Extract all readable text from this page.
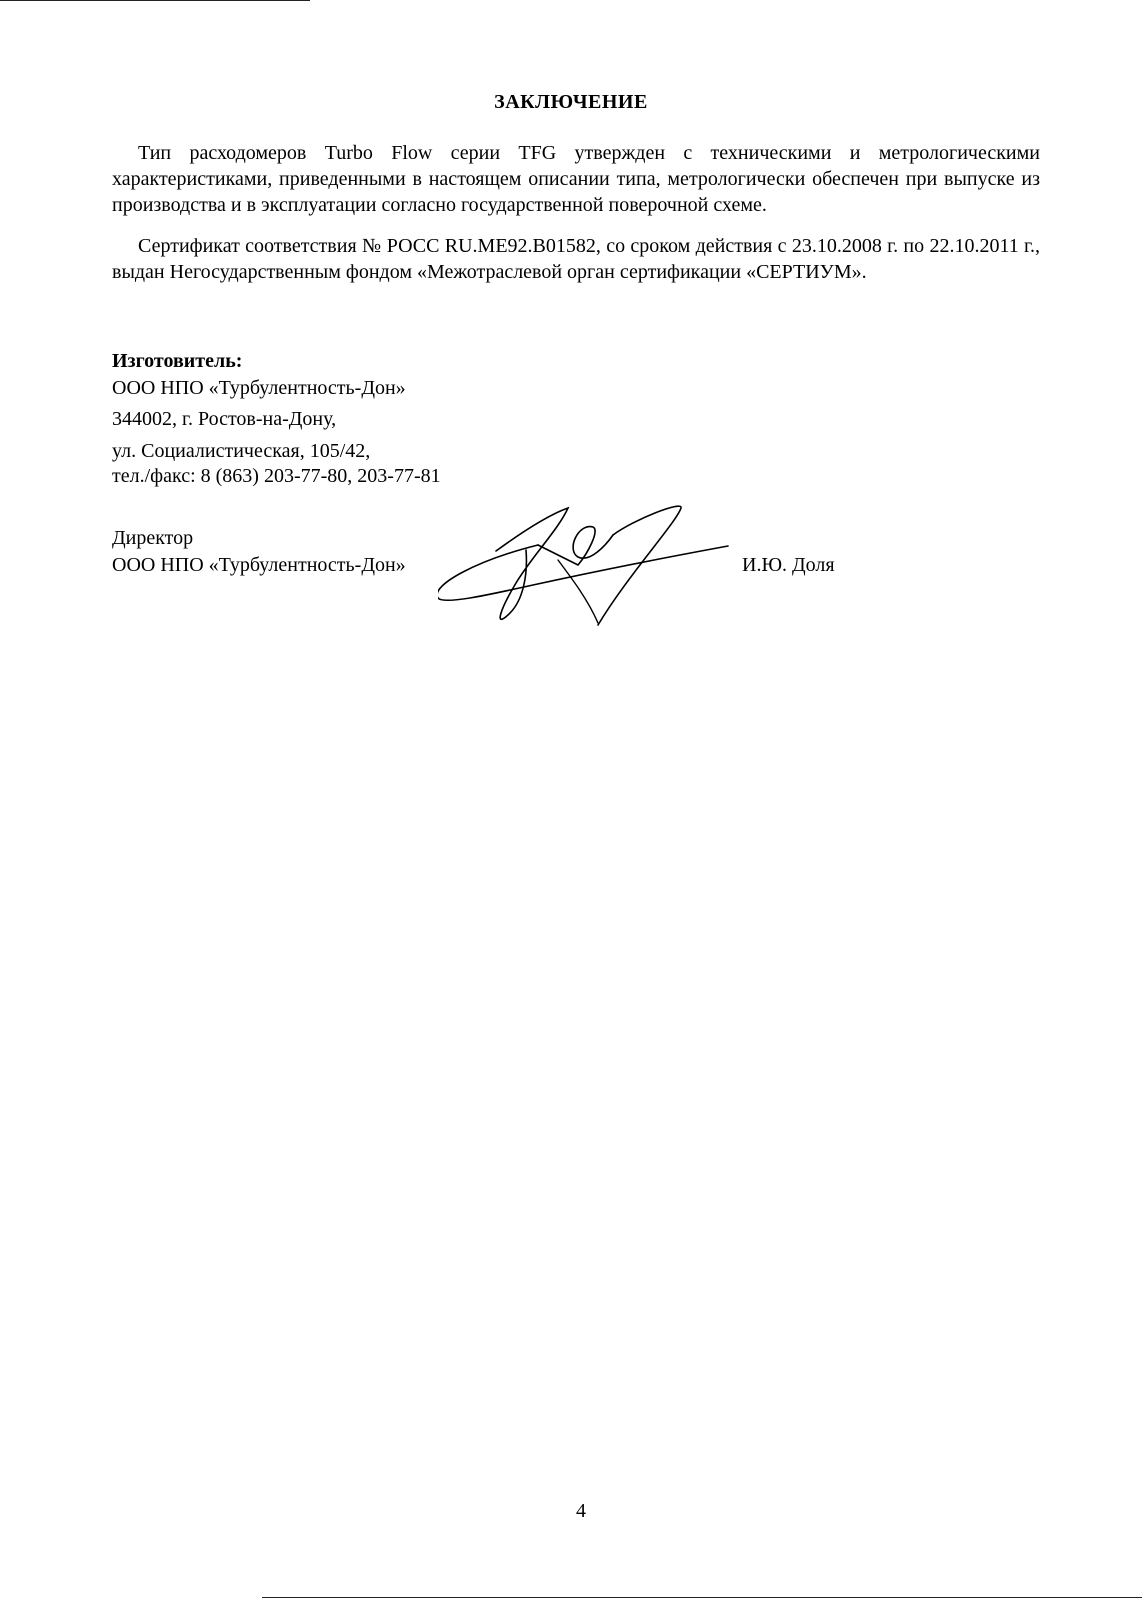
ЗАКЛЮЧЕНИЕ
Тип расходомеров Turbo Flow серии TFG утвержден с техническими и метрологическими характеристиками, приведенными в настоящем описании типа, метрологически обеспечен при выпуске из производства и в эксплуатации согласно государственной поверочной схеме.
Сертификат соответствия № РОСС RU.ME92.B01582, со сроком действия с 23.10.2008 г. по 22.10.2011 г., выдан Негосударственным фондом «Межотраслевой орган сертификации «СЕРТИУМ».
Изготовитель:
ООО НПО «Турбулентность-Дон»
344002, г. Ростов-на-Дону,
ул. Социалистическая, 105/42,
тел./факс: 8 (863) 203-77-80, 203-77-81
Директор
ООО НПО «Турбулентность-Дон»	И.Ю. Доля
4
